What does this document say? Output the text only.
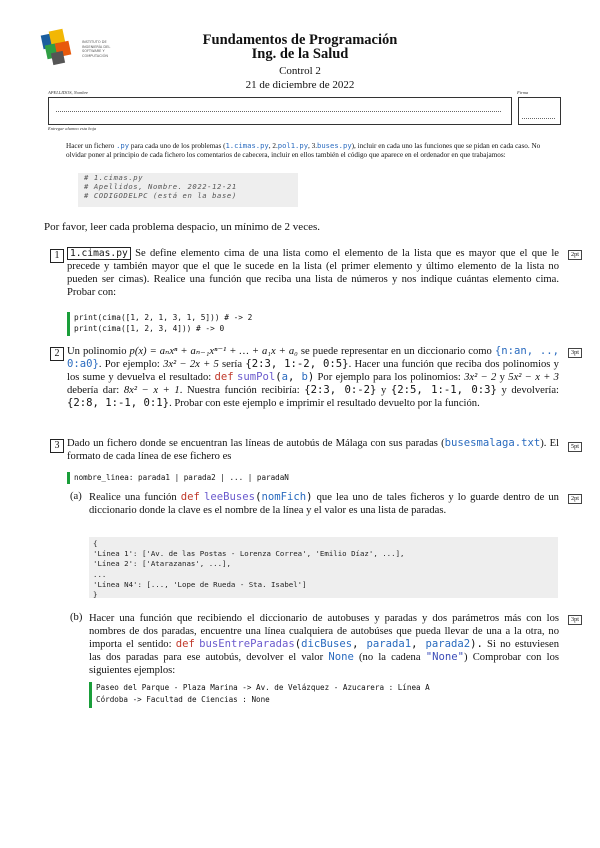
INSTITUTO DE INGENIERÍA DEL SOFTWARE Y COMPUTACIÓN
Fundamentos de Programación
Ing. de la Salud
Control 2
21 de diciembre de 2022
APELLIDOS, Nombre	Firma
Entregar alumno esta hoja
Hacer un fichero .py para cada uno de los problemas (1.cimas.py, 2.pol1.py, 3.buses.py), incluir en cada uno las funciones que se pidan en cada caso. No olvidar poner al principio de cada fichero los comentarios de cabecera, incluir en ellos también el código que aparece en el ordenador en que trabajamos:
# 1.cimas.py
# Apellidos, Nombre. 2022-12-21
# CODIGODELPC (está en la base)
Por favor, leer cada problema despacio, un mínimo de 2 veces.
1	1.cimas.py Se define elemento cima de una lista como el elemento de la lista que es mayor que el que le precede y también mayor que el que le sucede en la lista (el primer elemento y último elemento de la lista no pueden ser cimas). Realice una función que reciba una lista de números y nos indique cuántas elemento cima. Probar con:
2pt
print(cima([1, 2, 1, 3, 1, 5])) # -> 2
print(cima([1, 2, 3, 4])) # -> 0
2 Un polinomio p(x) = aₙxⁿ + aₙ₋₁xⁿ⁻¹ + … + a₁x + a₀ se puede representar en un diccionario como {n:an, .., 0:a0}. Por ejemplo: 3x² − 2x + 5 sería {2:3, 1:-2, 0:5}. Hacer una función que reciba dos polinomios y los sume y devuelva el resultado: def sumPol(a, b) Por ejemplo para los polinomios: 3x² − 2 y 5x² − x + 3 debería dar: 8x² − x + 1. Nuestra función recibiría: {2:3, 0:-2} y {2:5, 1:-1, 0:3} y devolvería: {2:8, 1:-1, 0:1}. Probar con este ejemplo e imprimir el resultado devuelto por la función.
3pt
3 Dado un fichero donde se encuentran las líneas de autobús de Málaga con sus paradas (busesmalaga.txt). El formato de cada línea de ese fichero es
5pt
nombre_linea: parada1 | parada2 | ... | paradaN
(a) Realice una función def leeBuses(nomFich) que lea uno de tales ficheros y lo guarde dentro de un diccionario donde la clave es el nombre de la línea y el valor es una lista de paradas.
2pt
{
'Línea 1': ['Av. de las Postas - Lorenza Correa', 'Emilio Díaz', ...],
'Línea 2': ['Atarazanas', ...],
...
'Línea N4': [..., 'Lope de Rueda - Sta. Isabel']
}
(b) Hacer una función que recibiendo el diccionario de autobuses y paradas y dos parámetros más con los nombres de dos paradas, encuentre una línea cualquiera de autobúses que pueda llevar de una a la otra, no importa el sentido: def busEntreParadas(dicBuses, parada1, parada2). Si no estuviesen las dos paradas para ese autobús, devolver el valor None (no la cadena "None") Comprobar con los siguientes ejemplos:
3pt
Paseo del Parque - Plaza Marina -> Av. de Velázquez - Azucarera : Línea A
Córdoba -> Facultad de Ciencias : None
